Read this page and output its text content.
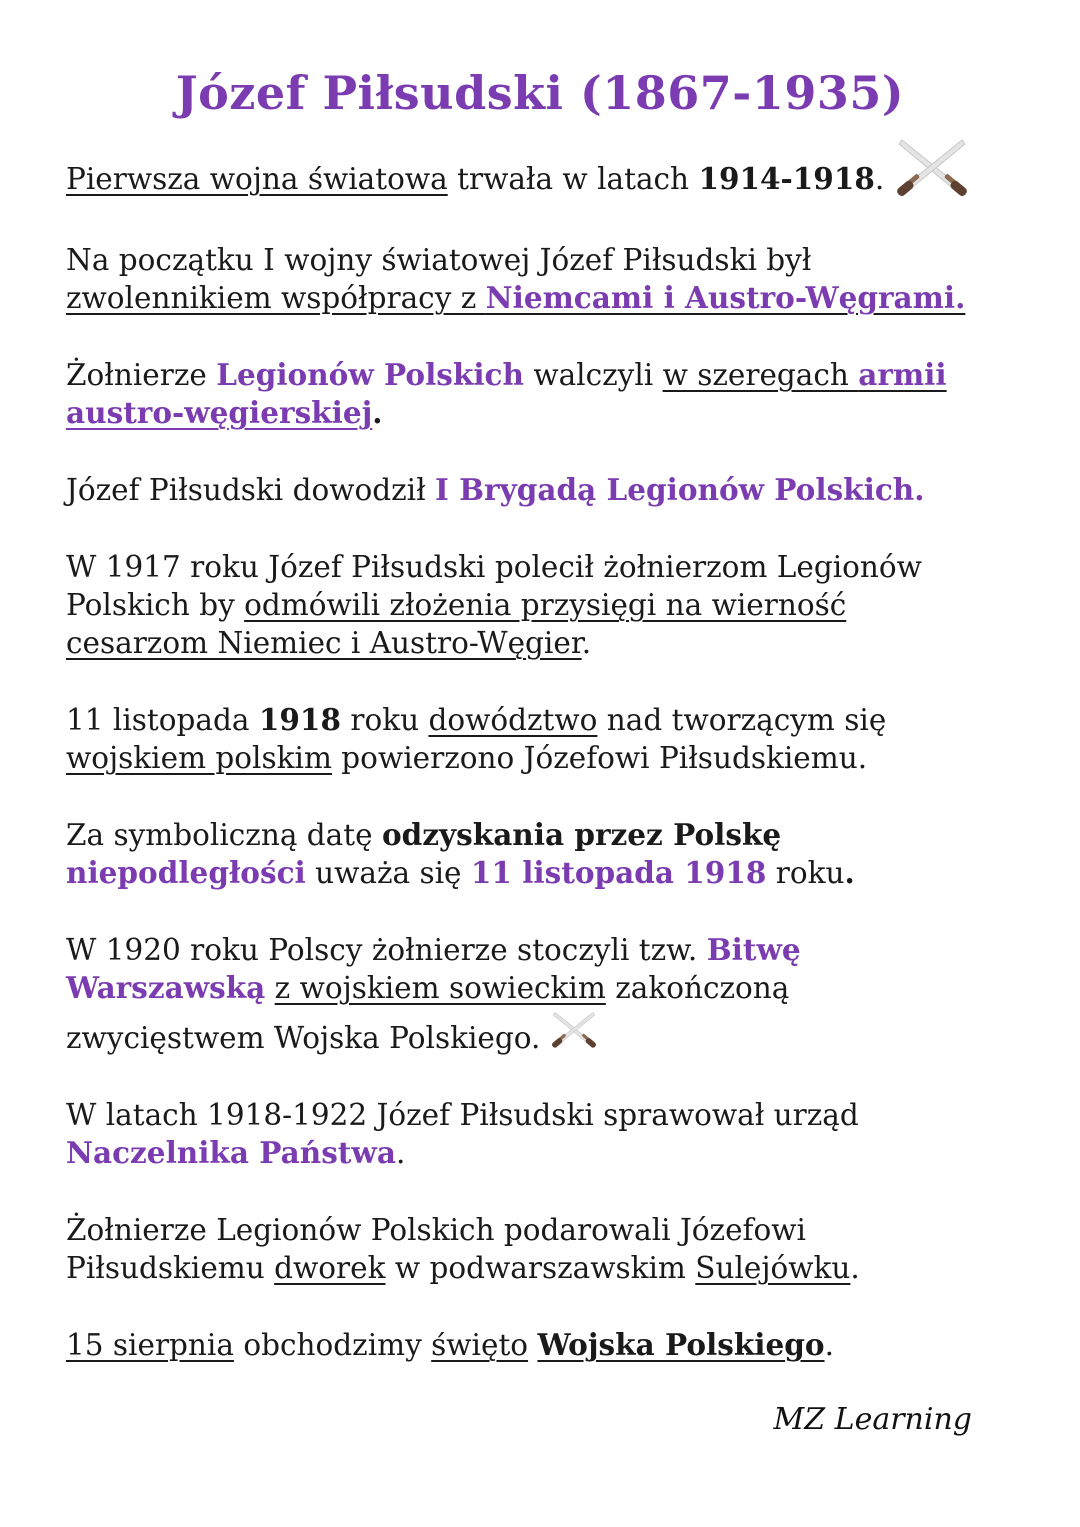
Józef Piłsudski (1867-1935)
Pierwsza wojna światowa trwała w latach 1914-1918.
Na początku I wojny światowej Józef Piłsudski był
zwolennikiem współpracy z Niemcami i Austro-Węgrami.
Żołnierze Legionów Polskich walczyli w szeregach armii
austro-węgierskiej.
Józef Piłsudski dowodził I Brygadą Legionów Polskich.
W 1917 roku Józef Piłsudski polecił żołnierzom Legionów
Polskich by odmówili złożenia przysięgi na wierność
cesarzom Niemiec i Austro-Węgier.
11 listopada 1918 roku dowództwo nad tworzącym się
wojskiem polskim powierzono Józefowi Piłsudskiemu.
Za symboliczną datę odzyskania przez Polskę
niepodległości uważa się 11 listopada 1918 roku.
W 1920 roku Polscy żołnierze stoczyli tzw. Bitwę
Warszawską z wojskiem sowieckim zakończoną
zwycięstwem Wojska Polskiego.
W latach 1918-1922 Józef Piłsudski sprawował urząd
Naczelnika Państwa.
Żołnierze Legionów Polskich podarowali Józefowi
Piłsudskiemu dworek w podwarszawskim Sulejówku.
15 sierpnia obchodzimy święto Wojska Polskiego.
MZ Learning
